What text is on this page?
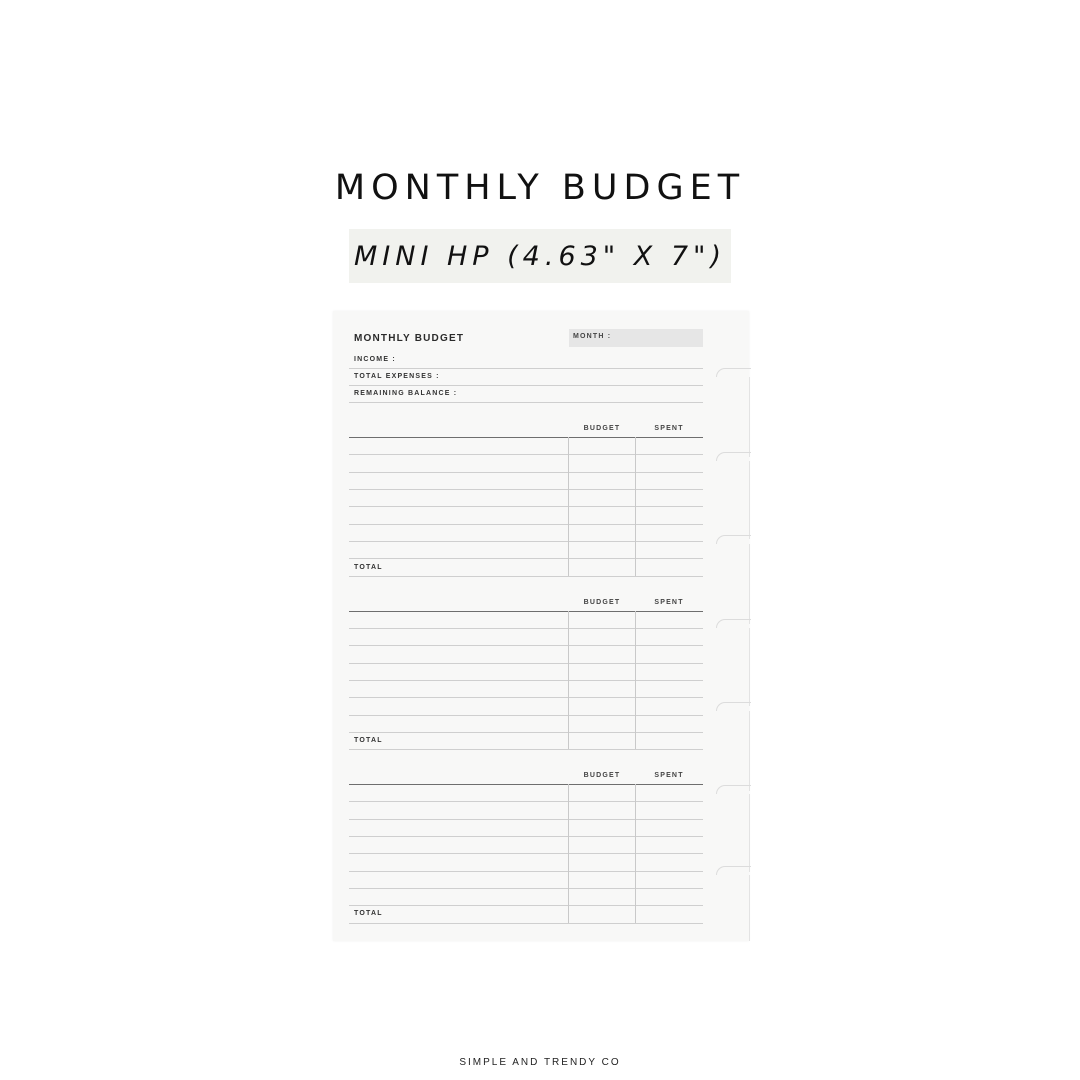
MONTHLY BUDGET
MINI HP (4.63" X 7")
MONTHLY BUDGET	MONTH :
INCOME :
TOTAL EXPENSES :
REMAINING BALANCE :
BUDGET	SPENT
TOTAL
BUDGET	SPENT
TOTAL
BUDGET	SPENT
TOTAL
SIMPLE AND TRENDY CO
